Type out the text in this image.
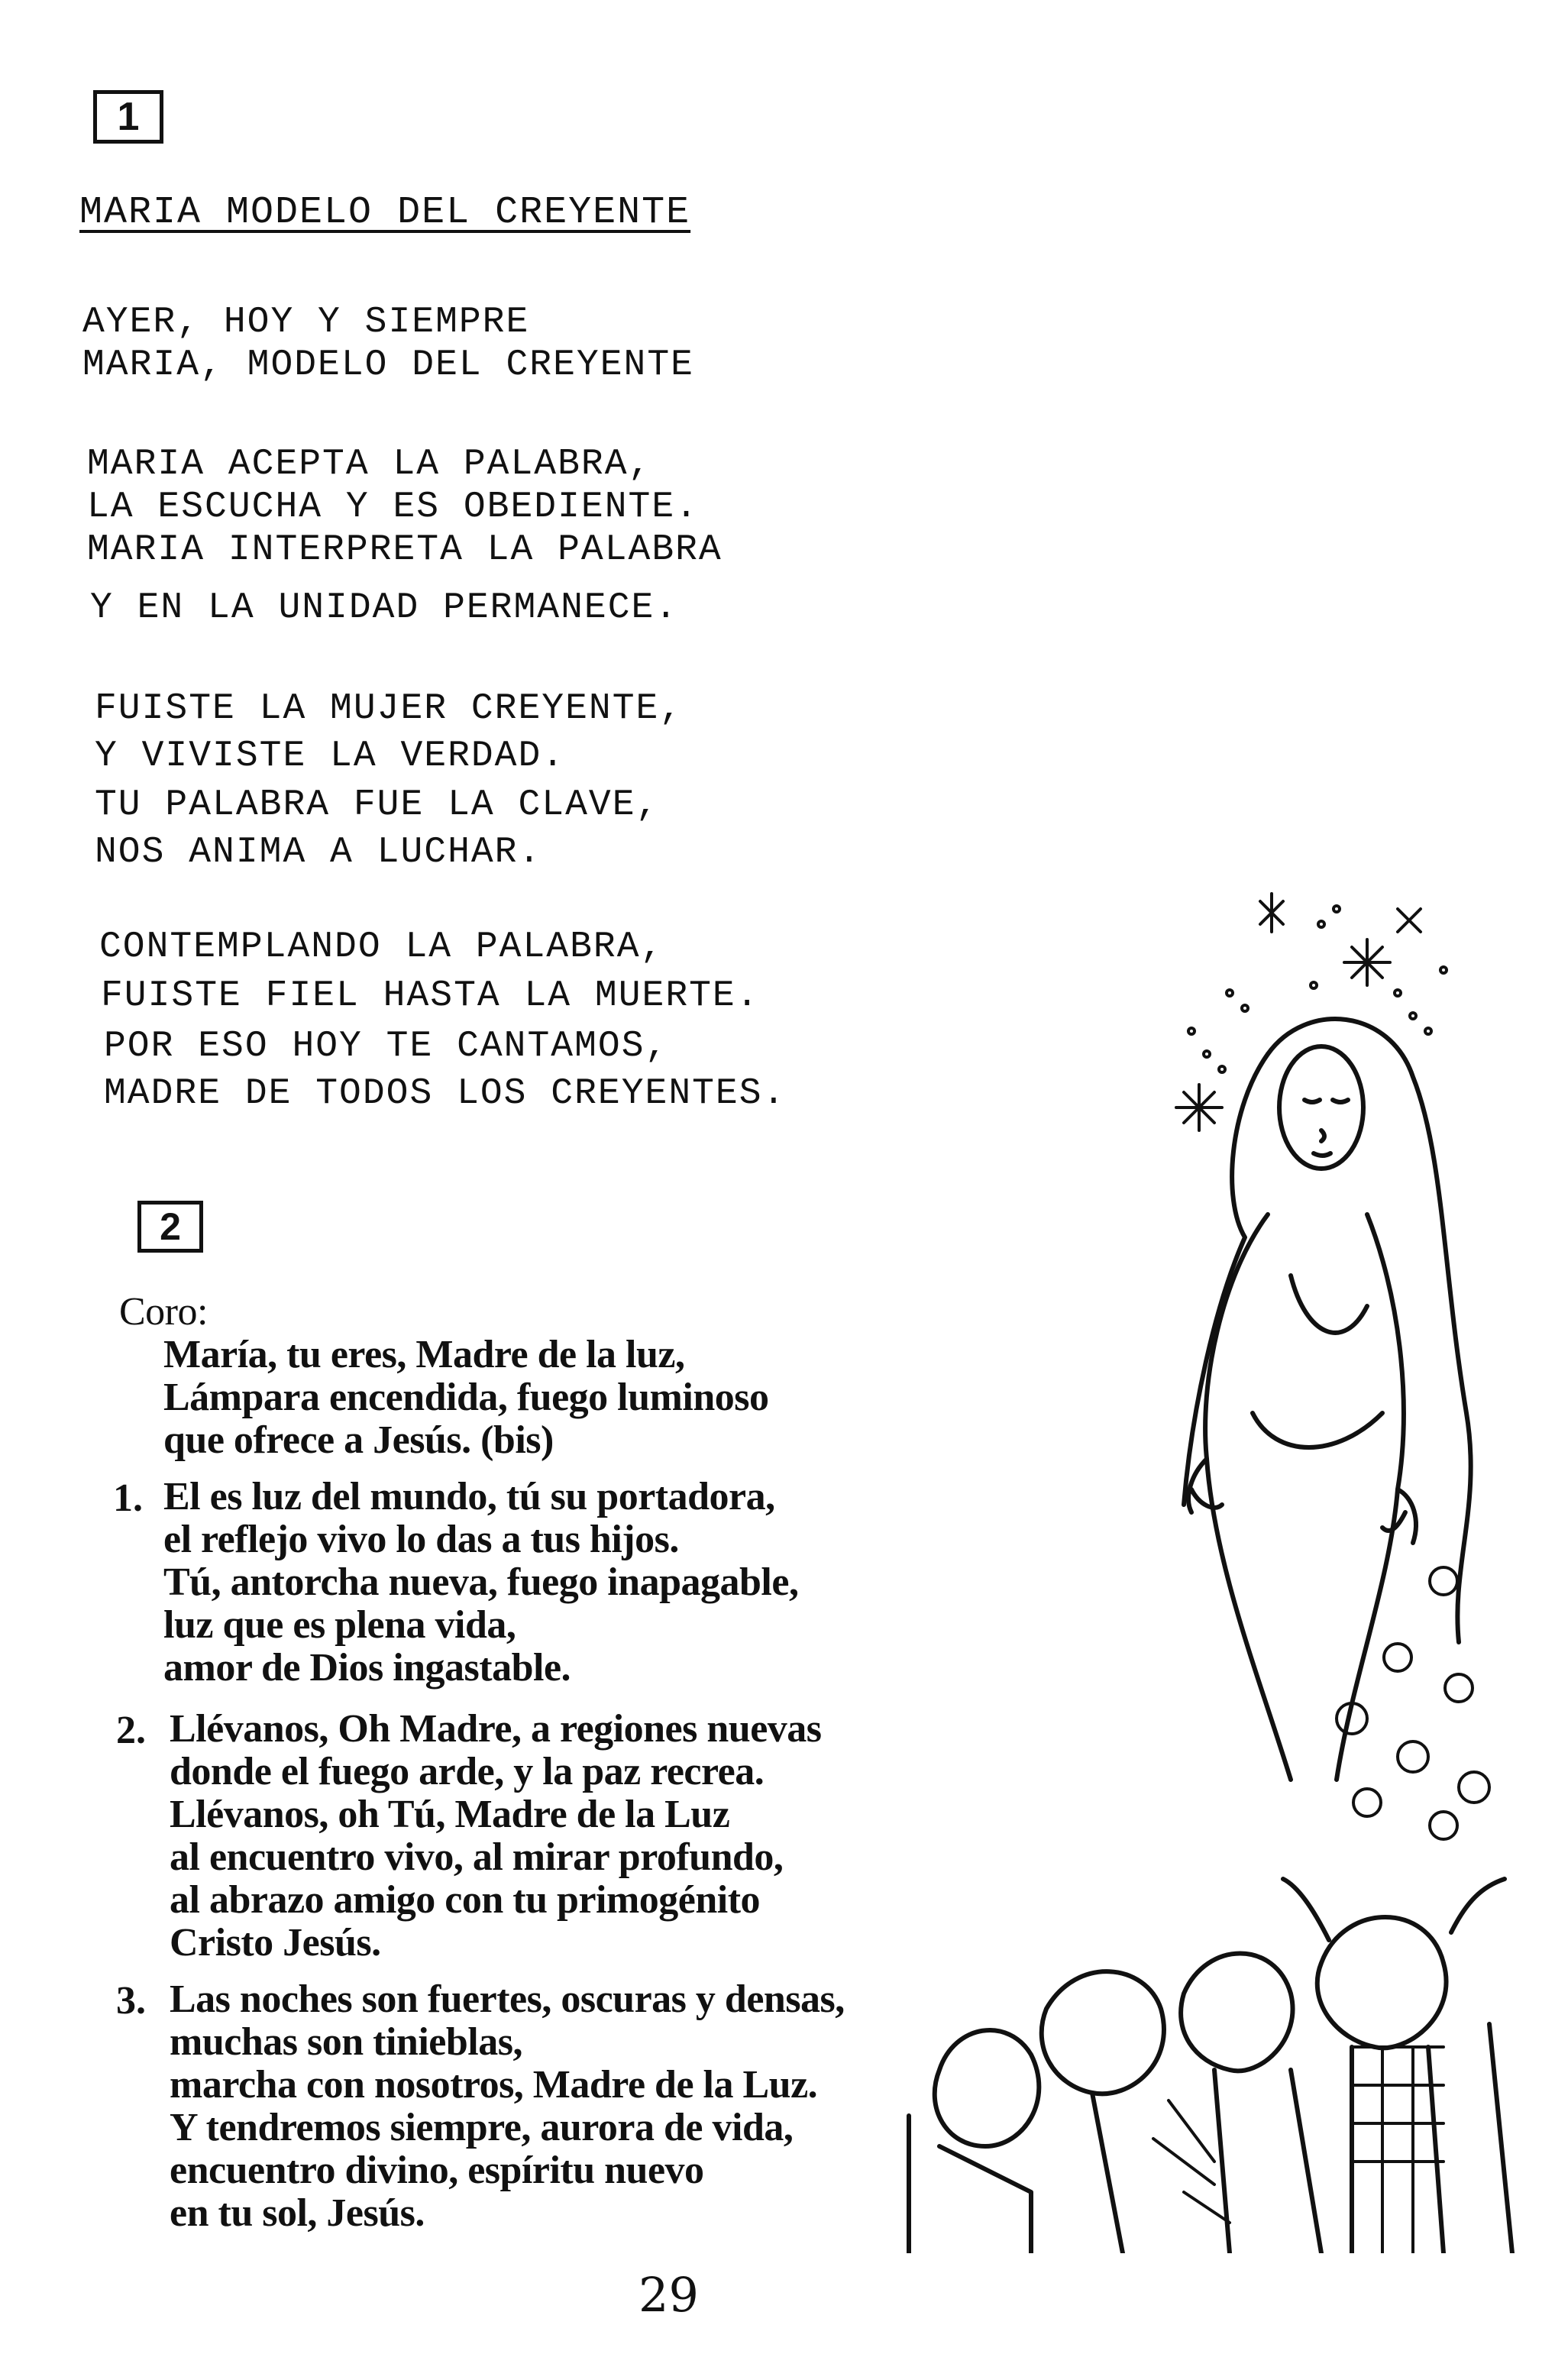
1
MARIA MODELO DEL CREYENTE
AYER, HOY Y SIEMPRE
MARIA, MODELO DEL CREYENTE
MARIA ACEPTA LA PALABRA,
LA ESCUCHA Y ES OBEDIENTE.
MARIA INTERPRETA LA PALABRA
Y EN LA UNIDAD PERMANECE.
FUISTE LA MUJER CREYENTE,
Y VIVISTE LA VERDAD.
TU PALABRA FUE LA CLAVE,
NOS ANIMA A LUCHAR.
CONTEMPLANDO LA PALABRA,
FUISTE FIEL HASTA LA MUERTE.
POR ESO HOY TE CANTAMOS,
MADRE DE TODOS LOS CREYENTES.
2
Coro:
María, tu eres, Madre de la luz,
Lámpara encendida, fuego luminoso
que ofrece a Jesús. (bis)
1. El es luz del mundo, tú su portadora,
el reflejo vivo lo das a tus hijos.
Tú, antorcha nueva, fuego inapagable,
luz que es plena vida,
amor de Dios ingastable.
2. Llévanos, Oh Madre, a regiones nuevas
donde el fuego arde, y la paz recrea.
Llévanos, oh Tú, Madre de la Luz
al encuentro vivo, al mirar profundo,
al abrazo amigo con tu primogénito
Cristo Jesús.
3. Las noches son fuertes, oscuras y densas,
muchas son tinieblas,
marcha con nosotros, Madre de la Luz.
Y tendremos siempre, aurora de vida,
encuentro divino, espíritu nuevo
en tu sol, Jesús.
29
